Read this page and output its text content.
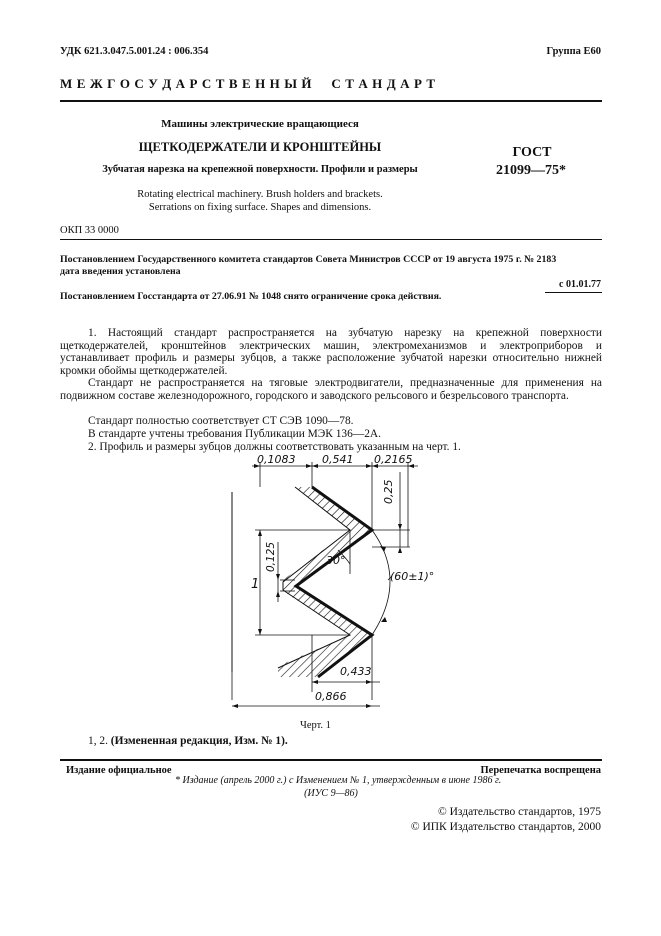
УДК 621.3.047.5.001.24 : 006.354	Группа Е60
М Е Ж Г О С У Д А Р С Т В Е Н Н Ы Й     С Т А Н Д А Р Т
Машины электрические вращающиеся
ЩЕТКОДЕРЖАТЕЛИ И КРОНШТЕЙНЫ
Зубчатая нарезка на крепежной поверхности. Профили и размеры
ГОСТ
21099—75*
Rotating electrical machinery. Brush holders and brackets.
Serrations on fixing surface. Shapes and dimensions.
ОКП 33 0000
Постановлением Государственного комитета стандартов Совета Министров СССР от 19 августа 1975 г. № 2183
дата введения установлена
с 01.01.77
Постановлением Госстандарта от 27.06.91 № 1048 снято ограничение срока действия.
1. Настоящий стандарт распространяется на зубчатую нарезку на крепежной поверхности щеткодержателей, кронштейнов электрических машин, электромеханизмов и электроприборов и устанавливает профиль и размеры зубцов, а также расположение зубчатой нарезки относительно нижней кромки обоймы щеткодержателей.
Стандарт не распространяется на тяговые электродвигатели, предназначенные для применения на подвижном составе железнодорожного, городского и заводского рельсового и безрельсового транспорта.
Стандарт полностью соответствует СТ СЭВ 1090—78.
В стандарте учтены требования Публикации МЭК 136—2А.
2. Профиль и размеры зубцов должны соответствовать указанным на черт. 1.
0,1083 0,541 0,2165
0,25
1
0,125	30°
(60±1)°
0,433
0,866
Черт. 1
1, 2. (Измененная редакция, Изм. № 1).
Издание официальное	Перепечатка воспрещена
* Издание (апрель 2000 г.) с Изменением № 1, утвержденным в июне 1986 г.
(ИУС 9—86)
© Издательство стандартов, 1975
© ИПК Издательство стандартов, 2000
